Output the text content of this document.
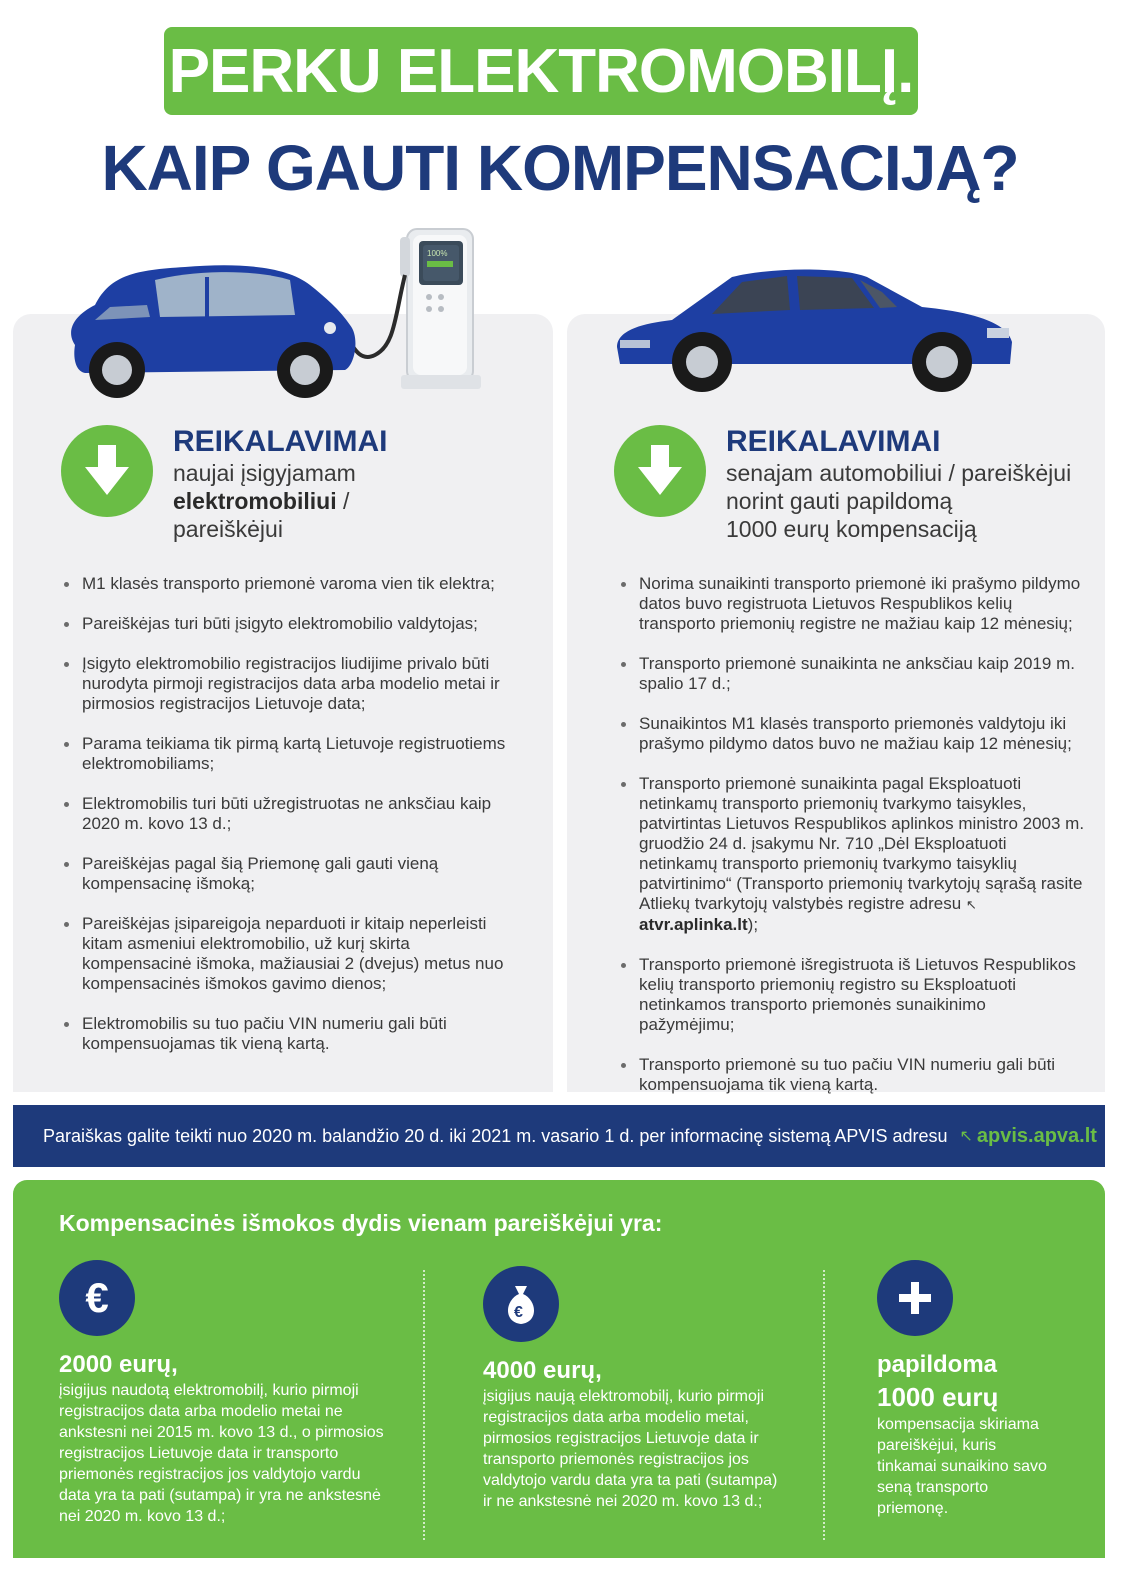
PERKU ELEKTROMOBILĮ.
KAIP GAUTI KOMPENSACIJĄ?
100%
REIKALAVIMAI
naujai įsigyjamam
elektromobiliui /
pareiškėjui
M1 klasės transporto priemonė varoma vien tik elektra;
Pareiškėjas turi būti įsigyto elektromobilio valdytojas;
Įsigyto elektromobilio registracijos liudijime privalo būti nurodyta pirmoji registracijos data arba modelio metai ir pirmosios registracijos Lietuvoje data;
Parama teikiama tik pirmą kartą Lietuvoje registruotiems elektromobiliams;
Elektromobilis turi būti užregistruotas ne anksčiau kaip 2020 m. kovo 13 d.;
Pareiškėjas pagal šią Priemonę gali gauti vieną kompensacinę išmoką;
Pareiškėjas įsipareigoja neparduoti ir kitaip neperleisti kitam asmeniui elektromobilio, už kurį skirta kompensacinė išmoka, mažiausiai 2 (dvejus) metus nuo kompensacinės išmokos gavimo dienos;
Elektromobilis su tuo pačiu VIN numeriu gali būti kompensuojamas tik vieną kartą.
REIKALAVIMAI
senajam automobiliui / pareiškėjui
norint gauti papildomą
1000 eurų kompensaciją
Norima sunaikinti transporto priemonė iki prašymo pildymo datos buvo registruota Lietuvos Respublikos kelių transporto priemonių registre ne mažiau kaip 12 mėnesių;
Transporto priemonė sunaikinta ne anksčiau kaip 2019 m. spalio 17 d.;
Sunaikintos M1 klasės transporto priemonės valdytoju iki prašymo pildymo datos buvo ne mažiau kaip 12 mėnesių;
Transporto priemonė sunaikinta pagal Eksploatuoti netinkamų transporto priemonių tvarkymo taisykles, patvirtintas Lietuvos Respublikos aplinkos ministro 2003 m. gruodžio 24 d. įsakymu Nr. 710 „Dėl Eksploatuoti netinkamų transporto priemonių tvarkymo taisyklių patvirtinimo“ (Transporto priemonių tvarkytojų sąrašą rasite Atliekų tvarkytojų valstybės registre adresu ↖ atvr.aplinka.lt);
Transporto priemonė išregistruota iš Lietuvos Respublikos kelių transporto priemonių registro su Eksploatuoti netinkamos transporto priemonės sunaikinimo pažymėjimu;
Transporto priemonė su tuo pačiu VIN numeriu gali būti kompensuojama tik vieną kartą.
Paraiškas galite teikti nuo 2020 m. balandžio 20 d. iki 2021 m. vasario 1 d. per informacinę sistemą APVIS adresu ↖ apvis.apva.lt
Kompensacinės išmokos dydis vienam pareiškėjui yra:
€
2000 eurų,
įsigijus naudotą elektromobilį, kurio pirmoji registracijos data arba modelio metai ne ankstesni nei 2015 m. kovo 13 d., o pirmosios registracijos Lietuvoje data ir transporto priemonės registracijos jos valdytojo vardu data yra ta pati (sutampa) ir yra ne ankstesnė nei 2020 m. kovo 13 d.;
€
4000 eurų,
įsigijus naują elektromobilį, kurio pirmoji registracijos data arba modelio metai, pirmosios registracijos Lietuvoje data ir transporto priemonės registracijos jos valdytojo vardu data yra ta pati (sutampa) ir ne ankstesnė nei 2020 m. kovo 13 d.;
papildoma
1000 eurų
kompensacija skiriama pareiškėjui, kuris tinkamai sunaikino savo seną transporto priemonę.
